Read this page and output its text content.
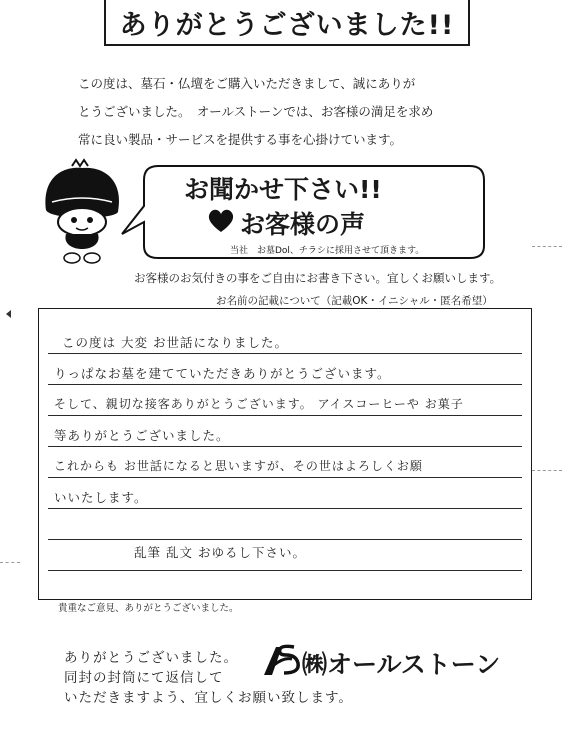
ありがとうございました!!
この度は、墓石・仏壇をご購入いただきまして、誠にありが
とうございました。　オールストーンでは、お客様の満足を求め
常に良い製品・サービスを提供する事を心掛けています。
お聞かせ下さい!!
お客様の声
当社　お墓Dol、チラシに採用させて頂きます。
お客様のお気付きの事をご自由にお書き下さい。宜しくお願いします。
お名前の記載について（記載OK・イニシャル・匿名希望）
この度は 大変 お世話になりました。
りっぱなお墓を建てていただきありがとうございます。
そして、親切な接客ありがとうございます。 アイスコーヒーや お菓子
等ありがとうございました。
これからも お世話になると思いますが、その世はよろしくお願
いいたします。
乱筆 乱文 おゆるし下さい。
貴重なご意見、ありがとうございました。
ありがとうございました。
同封の封筒にて返信して
いただきますよう、宜しくお願い致します。
㈱オールストーン
